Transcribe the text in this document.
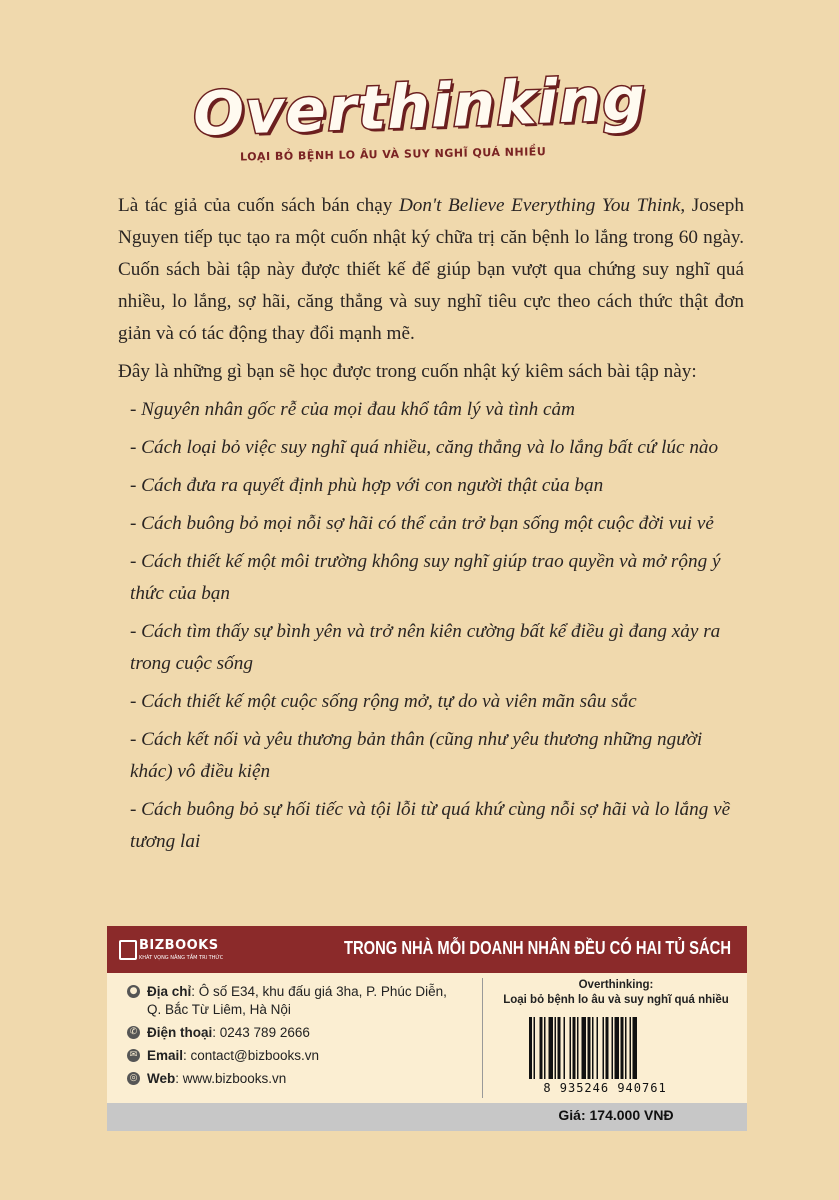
Overthinking
LOẠI BỎ BỆNH LO ÂU VÀ SUY NGHĨ QUÁ NHIỀU

Là tác giả của cuốn sách bán chạy Don't Believe Everything You Think, Joseph Nguyen tiếp tục tạo ra một cuốn nhật ký chữa trị căn bệnh lo lắng trong 60 ngày. Cuốn sách bài tập này được thiết kế để giúp bạn vượt qua chứng suy nghĩ quá nhiều, lo lắng, sợ hãi, căng thẳng và suy nghĩ tiêu cực theo cách thức thật đơn giản và có tác động thay đổi mạnh mẽ.

Đây là những gì bạn sẽ học được trong cuốn nhật ký kiêm sách bài tập này:

- Nguyên nhân gốc rễ của mọi đau khổ tâm lý và tình cảm
- Cách loại bỏ việc suy nghĩ quá nhiều, căng thẳng và lo lắng bất cứ lúc nào
- Cách đưa ra quyết định phù hợp với con người thật của bạn
- Cách buông bỏ mọi nỗi sợ hãi có thể cản trở bạn sống một cuộc đời vui vẻ
- Cách thiết kế một môi trường không suy nghĩ giúp trao quyền và mở rộng ý thức của bạn
- Cách tìm thấy sự bình yên và trở nên kiên cường bất kể điều gì đang xảy ra trong cuộc sống
- Cách thiết kế một cuộc sống rộng mở, tự do và viên mãn sâu sắc
- Cách kết nối và yêu thương bản thân (cũng như yêu thương những người khác) vô điều kiện
- Cách buông bỏ sự hối tiếc và tội lỗi từ quá khứ cùng nỗi sợ hãi và lo lắng về tương lai
BIZBOOKS
KHÁT VỌNG NÂNG TẦM TRI THỨC	TRONG NHÀ MỖI DOANH NHÂN ĐỀU CÓ HAI TỦ SÁCH
● Địa chỉ: Ô số E34, khu đấu giá 3ha, P. Phúc Diễn,
Q. Bắc Từ Liêm, Hà Nội
✆ Điện thoại: 0243 789 2666
✉ Email: contact@bizbooks.vn
◎ Web: www.bizbooks.vn
Overthinking:
Loại bỏ bệnh lo âu và suy nghĩ quá nhiều
8 935246 940761
Giá: 174.000 VNĐ
